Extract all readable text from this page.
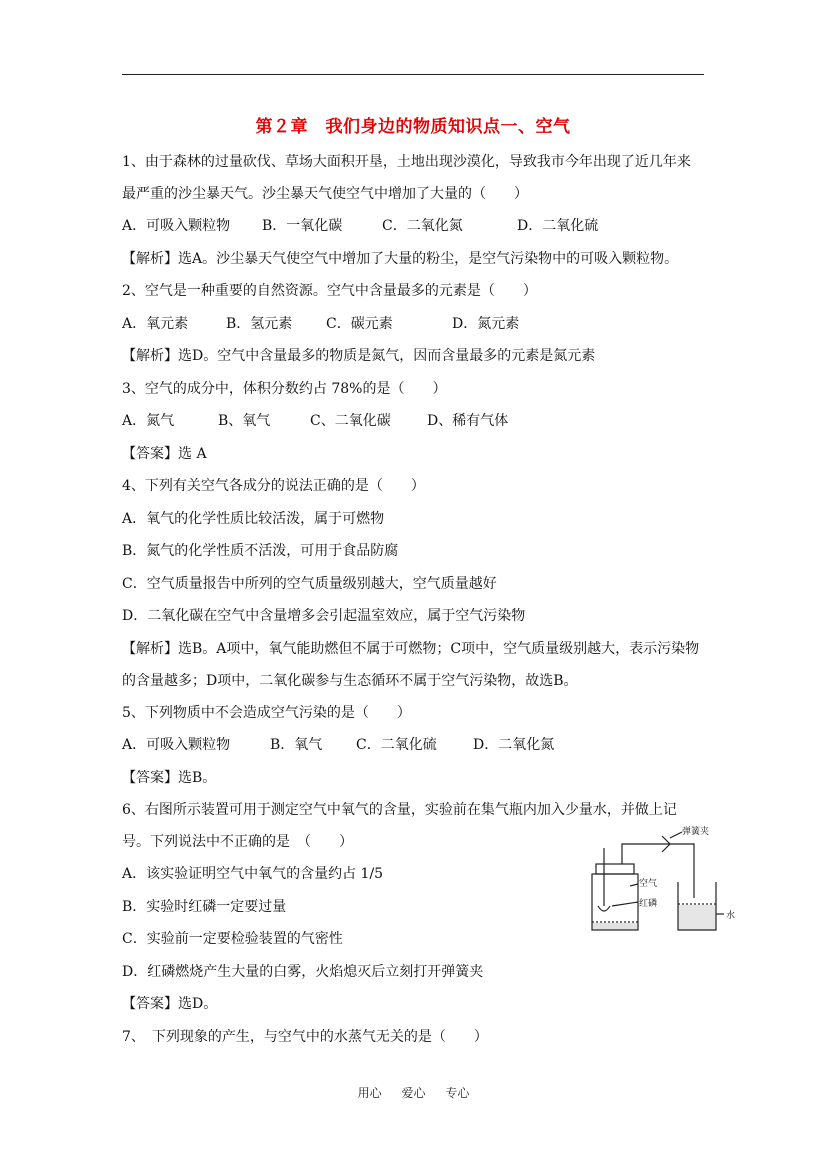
第２章　我们身边的物质知识点一、空气

1、由于森林的过量砍伐、草场大面积开垦，土地出现沙漠化，导致我市今年出现了近几年来最严重的沙尘暴天气。沙尘暴天气使空气中增加了大量的（　　）

A．可吸入颗粒物 B．一氧化碳	C．二氧化氮	D．二氧化硫

【解析】选A。沙尘暴天气使空气中增加了大量的粉尘，是空气污染物中的可吸入颗粒物。

2、空气是一种重要的自然资源。空气中含量最多的元素是（　　）

A．氧元素	B．氢元素 C．碳元素	D．氮元素

【解析】选D。空气中含量最多的物质是氮气，因而含量最多的元素是氮元素

3、空气的成分中，体积分数约占 78%的是（　　）

A．氮气	B、氧气	C、二氧化碳	D、稀有气体

【答案】选 A

4、下列有关空气各成分的说法正确的是（　　）

A．氧气的化学性质比较活泼，属于可燃物

B．氮气的化学性质不活泼，可用于食品防腐

C．空气质量报告中所列的空气质量级别越大，空气质量越好

D．二氧化碳在空气中含量增多会引起温室效应，属于空气污染物

【解析】选B。A项中，氧气能助燃但不属于可燃物；C项中，空气质量级别越大，表示污染物的含量越多；D项中，二氧化碳参与生态循环不属于空气污染物，故选B。

5、下列物质中不会造成空气污染的是（　　）

A．可吸入颗粒物	B．氧气 C．二氧化硫	D．二氧化氮

【答案】选B。

6、右图所示装置可用于测定空气中氧气的含量，实验前在集气瓶内加入少量水，并做上记号。下列说法中不正确的是　（　　）

A．该实验证明空气中氧气的含量约占 1/5

B．实验时红磷一定要过量

C．实验前一定要检验装置的气密性

D．红磷燃烧产生大量的白雾，火焰熄灭后立刻打开弹簧夹

【答案】选D。

7、　下列现象的产生，与空气中的水蒸气无关的是（　　）

弹簧夹
空气
红磷
水
用心 爱心 专心
